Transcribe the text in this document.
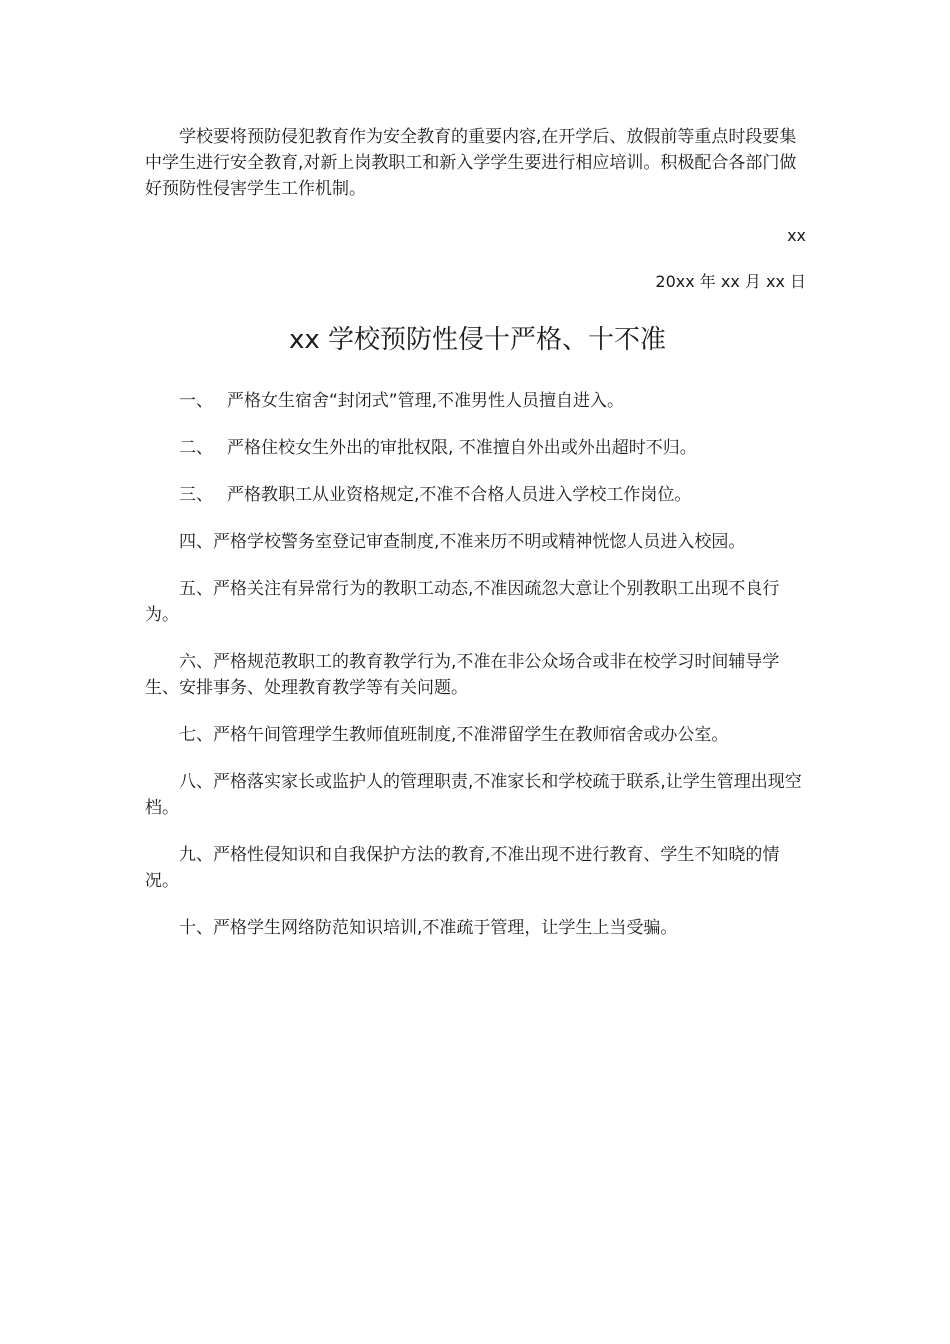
学校要将预防侵犯教育作为安全教育的重要内容,在开学后、放假前等重点时段要集中学生进行安全教育,对新上岗教职工和新入学学生要进行相应培训。积极配合各部门做好预防性侵害学生工作机制。

xx

20xx 年 xx 月 xx 日

xx 学校预防性侵十严格、十不准
一、 严格女生宿舍“封闭式”管理,不准男性人员擅自进入。
二、 严格住校女生外出的审批权限, 不准擅自外出或外出超时不归。
三、 严格教职工从业资格规定,不准不合格人员进入学校工作岗位。
四、严格学校警务室登记审查制度,不准来历不明或精神恍惚人员进入校园。
五、严格关注有异常行为的教职工动态,不准因疏忽大意让个别教职工出现不良行为。
六、严格规范教职工的教育教学行为,不准在非公众场合或非在校学习时间辅导学生、安排事务、处理教育教学等有关问题。
七、严格午间管理学生教师值班制度,不准滞留学生在教师宿舍或办公室。
八、严格落实家长或监护人的管理职责,不准家长和学校疏于联系,让学生管理出现空档。
九、严格性侵知识和自我保护方法的教育,不准出现不进行教育、学生不知晓的情况。
十、严格学生网络防范知识培训,不准疏于管理，让学生上当受骗。
